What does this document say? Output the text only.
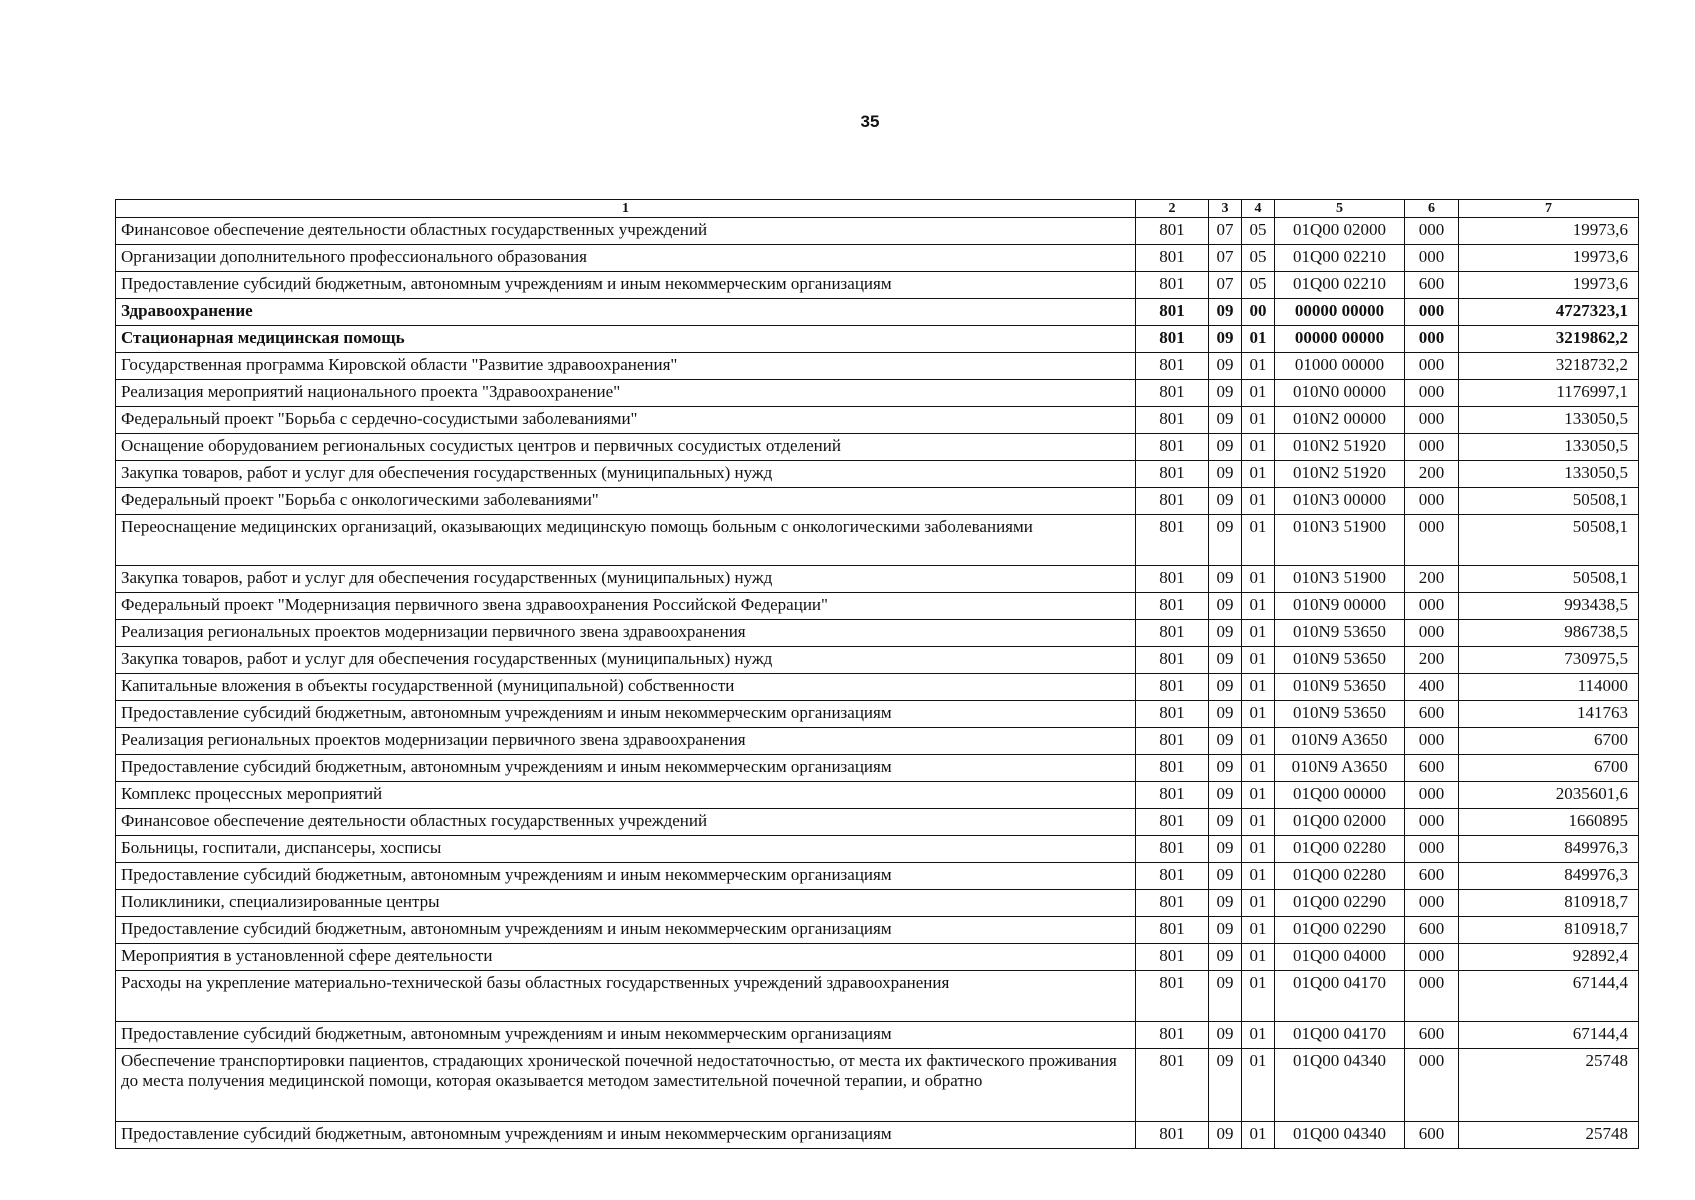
35
1	2	3	4	5	6	7
Финансовое обеспечение деятельности областных государственных учреждений	801	07	05	01Q00 02000	000	19973,6
Организации дополнительного профессионального образования	801	07	05	01Q00 02210	000	19973,6
Предоставление субсидий бюджетным, автономным учреждениям и иным некоммерческим организациям	801	07	05	01Q00 02210	600	19973,6
Здравоохранение	801	09	00	00000 00000	000	4727323,1
Стационарная медицинская помощь	801	09	01	00000 00000	000	3219862,2
Государственная программа Кировской области "Развитие здравоохранения"	801	09	01	01000 00000	000	3218732,2
Реализация мероприятий национального проекта "Здравоохранение"	801	09	01	010N0 00000	000	1176997,1
Федеральный проект "Борьба с сердечно-сосудистыми заболеваниями"	801	09	01	010N2 00000	000	133050,5
Оснащение оборудованием региональных сосудистых центров и первичных сосудистых отделений	801	09	01	010N2 51920	000	133050,5
Закупка товаров, работ и услуг для обеспечения государственных (муниципальных) нужд	801	09	01	010N2 51920	200	133050,5
Федеральный проект "Борьба с онкологическими заболеваниями"	801	09	01	010N3 00000	000	50508,1
Переоснащение медицинских организаций, оказывающих медицинскую помощь больным с онкологическими заболеваниями	801	09	01	010N3 51900	000	50508,1
Закупка товаров, работ и услуг для обеспечения государственных (муниципальных) нужд	801	09	01	010N3 51900	200	50508,1
Федеральный проект "Модернизация первичного звена здравоохранения Российской Федерации"	801	09	01	010N9 00000	000	993438,5
Реализация региональных проектов модернизации первичного звена здравоохранения	801	09	01	010N9 53650	000	986738,5
Закупка товаров, работ и услуг для обеспечения государственных (муниципальных) нужд	801	09	01	010N9 53650	200	730975,5
Капитальные вложения в объекты государственной (муниципальной) собственности	801	09	01	010N9 53650	400	114000
Предоставление субсидий бюджетным, автономным учреждениям и иным некоммерческим организациям	801	09	01	010N9 53650	600	141763
Реализация региональных проектов модернизации первичного звена здравоохранения	801	09	01	010N9 A3650	000	6700
Предоставление субсидий бюджетным, автономным учреждениям и иным некоммерческим организациям	801	09	01	010N9 A3650	600	6700
Комплекс процессных мероприятий	801	09	01	01Q00 00000	000	2035601,6
Финансовое обеспечение деятельности областных государственных учреждений	801	09	01	01Q00 02000	000	1660895
Больницы, госпитали, диспансеры, хосписы	801	09	01	01Q00 02280	000	849976,3
Предоставление субсидий бюджетным, автономным учреждениям и иным некоммерческим организациям	801	09	01	01Q00 02280	600	849976,3
Поликлиники, специализированные центры	801	09	01	01Q00 02290	000	810918,7
Предоставление субсидий бюджетным, автономным учреждениям и иным некоммерческим организациям	801	09	01	01Q00 02290	600	810918,7
Мероприятия в установленной сфере деятельности	801	09	01	01Q00 04000	000	92892,4
Расходы на укрепление материально-технической базы областных государственных учреждений здравоохранения	801	09	01	01Q00 04170	000	67144,4
Предоставление субсидий бюджетным, автономным учреждениям и иным некоммерческим организациям	801	09	01	01Q00 04170	600	67144,4
Обеспечение транспортировки пациентов, страдающих хронической почечной недостаточностью, от места их фактического проживания до места получения медицинской помощи, которая оказывается методом заместительной почечной терапии, и обратно	801	09	01	01Q00 04340	000	25748
Предоставление субсидий бюджетным, автономным учреждениям и иным некоммерческим организациям	801	09	01	01Q00 04340	600	25748
